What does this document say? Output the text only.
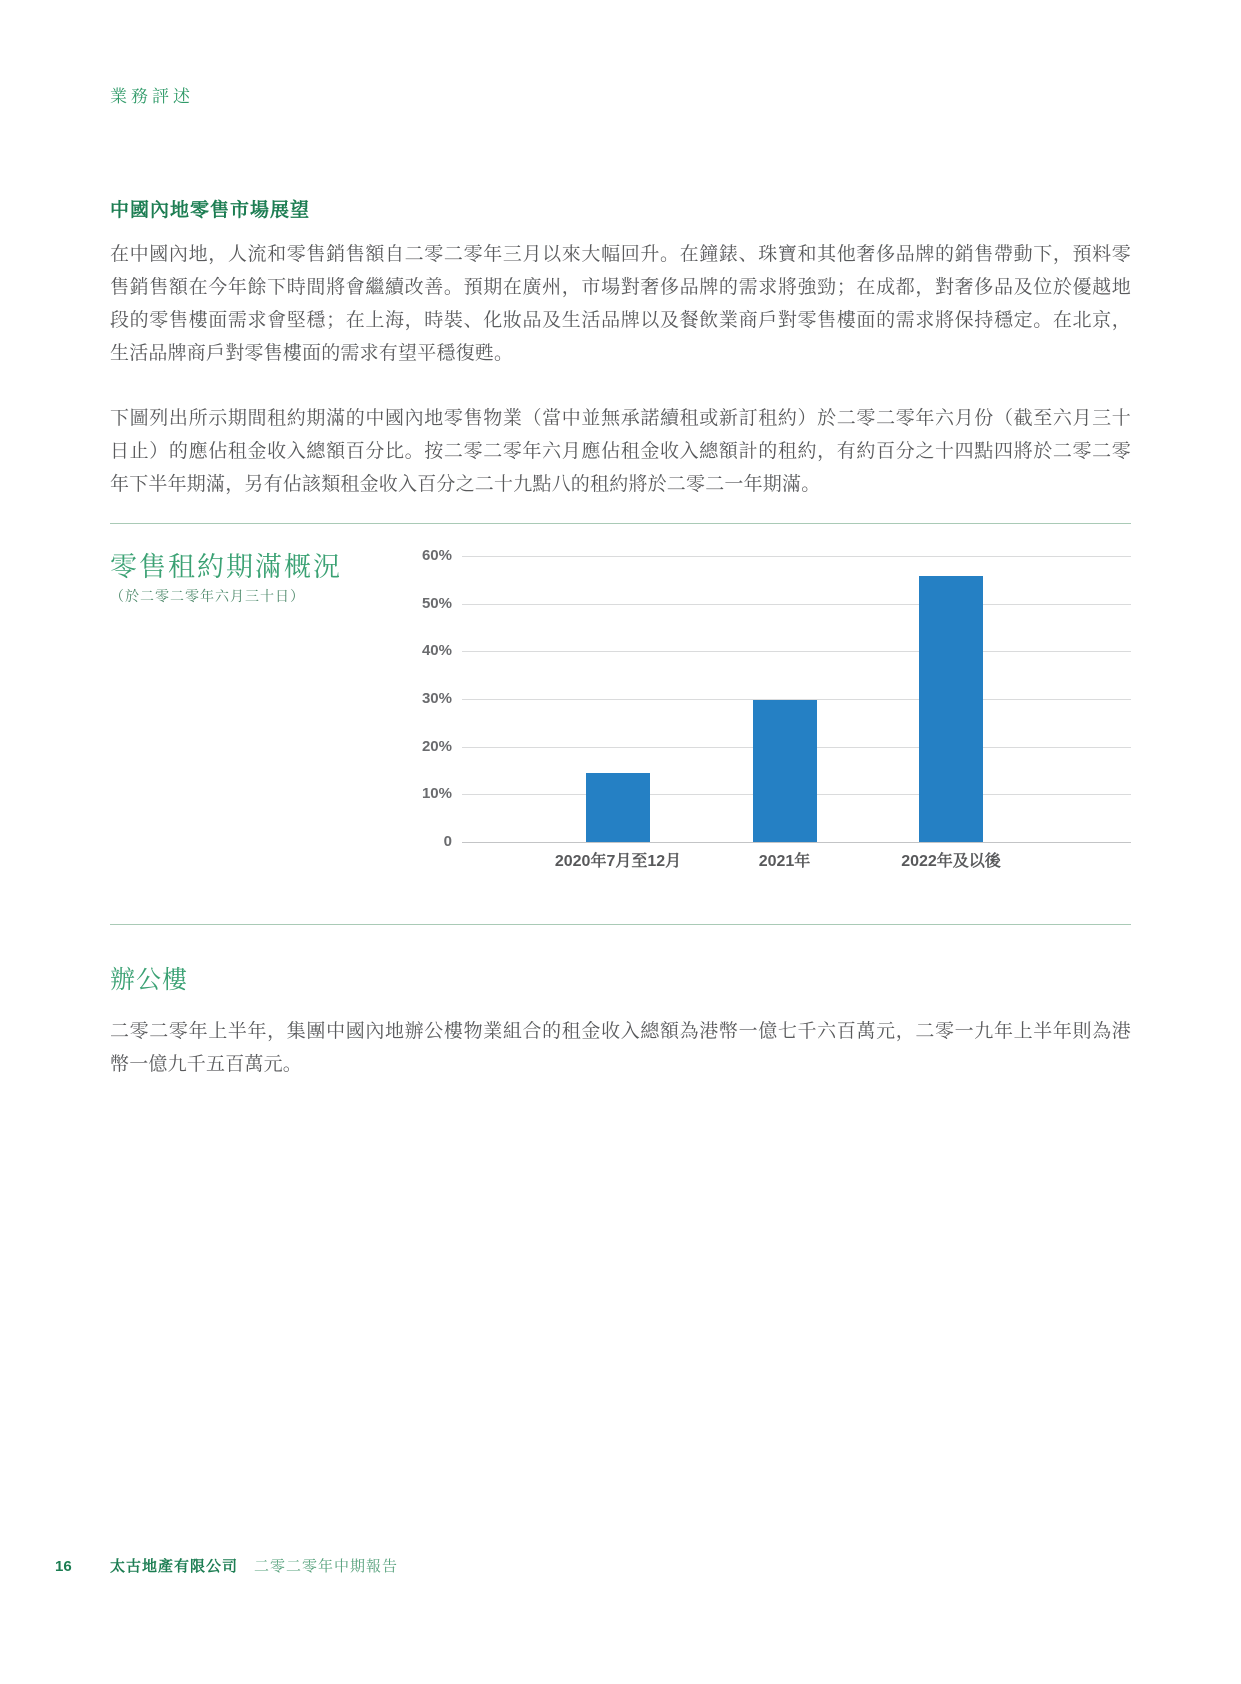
業務評述
中國內地零售市場展望
在中國內地，人流和零售銷售額自二零二零年三月以來大幅回升。在鐘錶、珠寶和其他奢侈品牌的銷售帶動下，預料零
售銷售額在今年餘下時間將會繼續改善。預期在廣州，市場對奢侈品牌的需求將強勁；在成都，對奢侈品及位於優越地
段的零售樓面需求會堅穩；在上海，時裝、化妝品及生活品牌以及餐飲業商戶對零售樓面的需求將保持穩定。在北京，
生活品牌商戶對零售樓面的需求有望平穩復甦。
下圖列出所示期間租約期滿的中國內地零售物業（當中並無承諾續租或新訂租約）於二零二零年六月份（截至六月三十
日止）的應佔租金收入總額百分比。按二零二零年六月應佔租金收入總額計的租約，有約百分之十四點四將於二零二零
年下半年期滿，另有佔該類租金收入百分之二十九點八的租約將於二零二一年期滿。
零售租約期滿概況
（於二零二零年六月三十日）
60%
50%
40%
30%
20%
10%
0
2020年7月至12月	2021年	2022年及以後
辦公樓
二零二零年上半年，集團中國內地辦公樓物業組合的租金收入總額為港幣一億七千六百萬元，二零一九年上半年則為港
幣一億九千五百萬元。
16	太古地產有限公司 二零二零年中期報告
